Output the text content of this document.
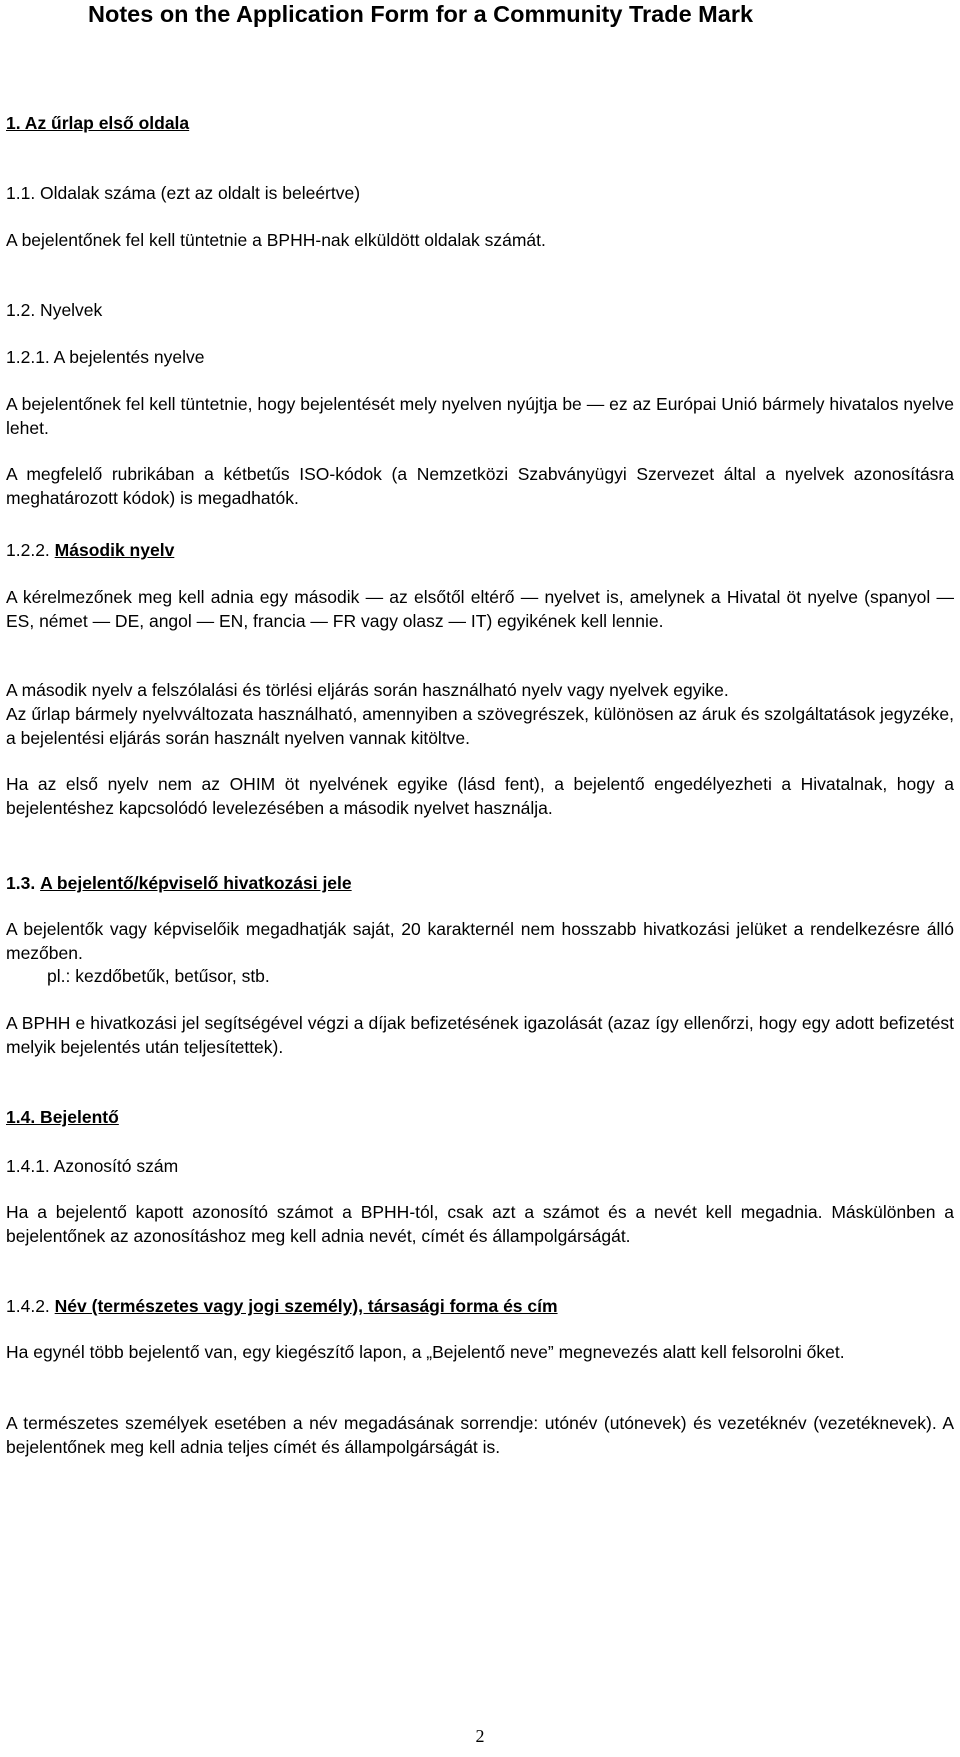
Notes on the Application Form for a Community Trade Mark

1. Az űrlap első oldala

1.1. Oldalak száma (ezt az oldalt is beleértve)

A bejelentőnek fel kell tüntetnie a BPHH-nak elküldött oldalak számát.

1.2. Nyelvek

1.2.1. A bejelentés nyelve

A bejelentőnek fel kell tüntetnie, hogy bejelentését mely nyelven nyújtja be ― ez az Európai Unió bármely hivatalos nyelve lehet.

A megfelelő rubrikában a kétbetűs ISO-kódok (a Nemzetközi Szabványügyi Szervezet által a nyelvek azonosításra meghatározott kódok) is megadhatók.

1.2.2. Második nyelv

A kérelmezőnek meg kell adnia egy második ― az elsőtől eltérő ― nyelvet is, amelynek a Hivatal öt nyelve (spanyol ― ES, német ― DE, angol ― EN, francia ― FR vagy olasz ― IT) egyikének kell lennie.

A második nyelv a felszólalási és törlési eljárás során használható nyelv vagy nyelvek egyike.
Az űrlap bármely nyelvváltozata használható, amennyiben a szövegrészek, különösen az áruk és szolgáltatások jegyzéke, a bejelentési eljárás során használt nyelven vannak kitöltve.

Ha az első nyelv nem az OHIM öt nyelvének egyike (lásd fent), a bejelentő engedélyezheti a Hivatalnak, hogy a bejelentéshez kapcsolódó levelezésében a második nyelvet használja.

1.3. A bejelentő/képviselő hivatkozási jele

A bejelentők vagy képviselőik megadhatják saját, 20 karakternél nem hosszabb hivatkozási jelüket a rendelkezésre álló mezőben.

pl.: kezdőbetűk, betűsor, stb.

A BPHH e hivatkozási jel segítségével végzi a díjak befizetésének igazolását (azaz így ellenőrzi, hogy egy adott befizetést melyik bejelentés után teljesítettek).

1.4. Bejelentő

1.4.1. Azonosító szám

Ha a bejelentő kapott azonosító számot a BPHH-tól, csak azt a számot és a nevét kell megadnia. Máskülönben a bejelentőnek az azonosításhoz meg kell adnia nevét, címét és állampolgárságát.

1.4.2. Név (természetes vagy jogi személy), társasági forma és cím

Ha egynél több bejelentő van, egy kiegészítő lapon, a „Bejelentő neve” megnevezés alatt kell felsorolni őket.

A természetes személyek esetében a név megadásának sorrendje: utónév (utónevek) és vezetéknév (vezetéknevek). A bejelentőnek meg kell adnia teljes címét és állampolgárságát is.

2
